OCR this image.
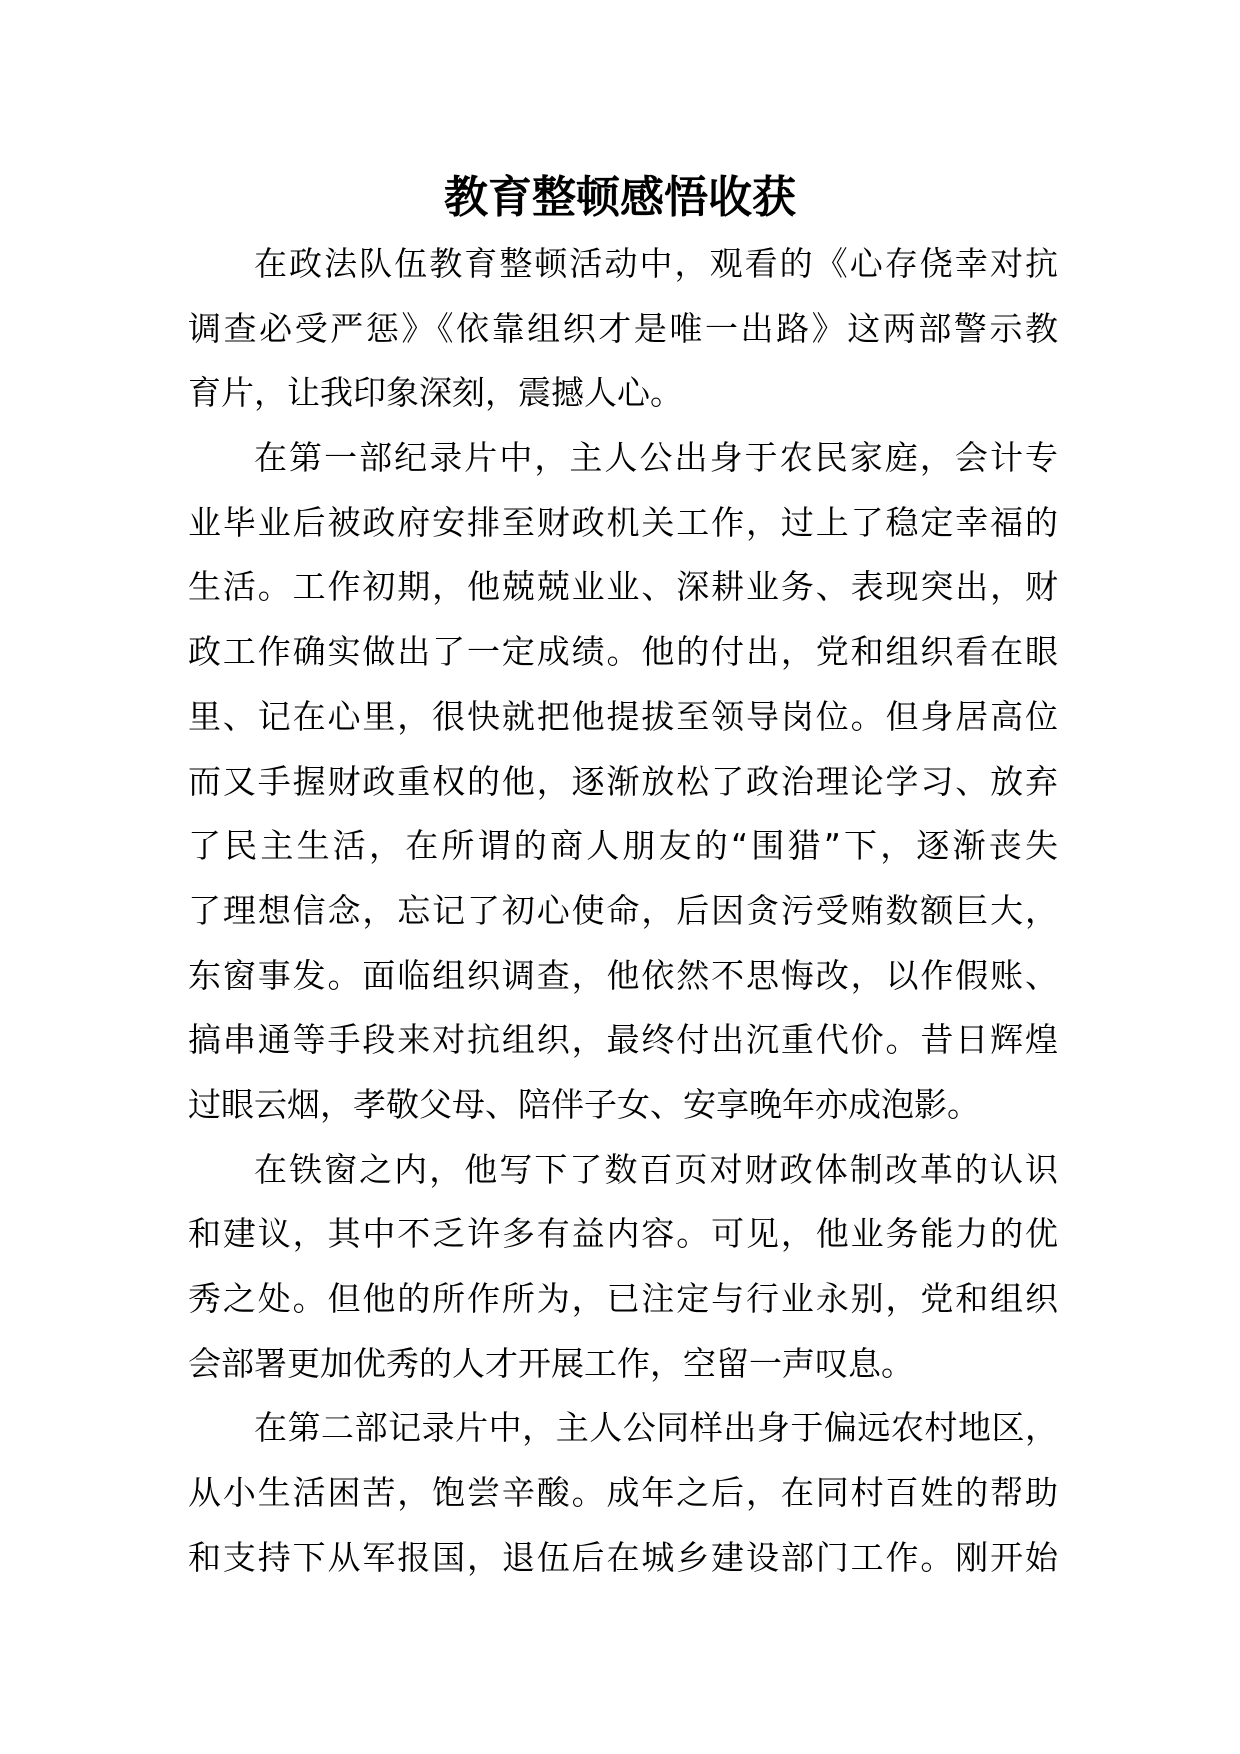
教育整顿感悟收获
在政法队伍教育整顿活动中，观看的《心存侥幸对抗
调查必受严惩》《依靠组织才是唯一出路》这两部警示教
育片，让我印象深刻，震撼人心。
在第一部纪录片中，主人公出身于农民家庭，会计专
业毕业后被政府安排至财政机关工作，过上了稳定幸福的
生活。工作初期，他兢兢业业、深耕业务、表现突出，财
政工作确实做出了一定成绩。他的付出，党和组织看在眼
里、记在心里，很快就把他提拔至领导岗位。但身居高位
而又手握财政重权的他，逐渐放松了政治理论学习、放弃
了民主生活，在所谓的商人朋友的“围猎”下，逐渐丧失
了理想信念，忘记了初心使命，后因贪污受贿数额巨大，
东窗事发。面临组织调查，他依然不思悔改，以作假账、
搞串通等手段来对抗组织，最终付出沉重代价。昔日辉煌
过眼云烟，孝敬父母、陪伴子女、安享晚年亦成泡影。
在铁窗之内，他写下了数百页对财政体制改革的认识
和建议，其中不乏许多有益内容。可见，他业务能力的优
秀之处。但他的所作所为，已注定与行业永别，党和组织
会部署更加优秀的人才开展工作，空留一声叹息。
在第二部记录片中，主人公同样出身于偏远农村地区，
从小生活困苦，饱尝辛酸。成年之后，在同村百姓的帮助
和支持下从军报国，退伍后在城乡建设部门工作。刚开始
